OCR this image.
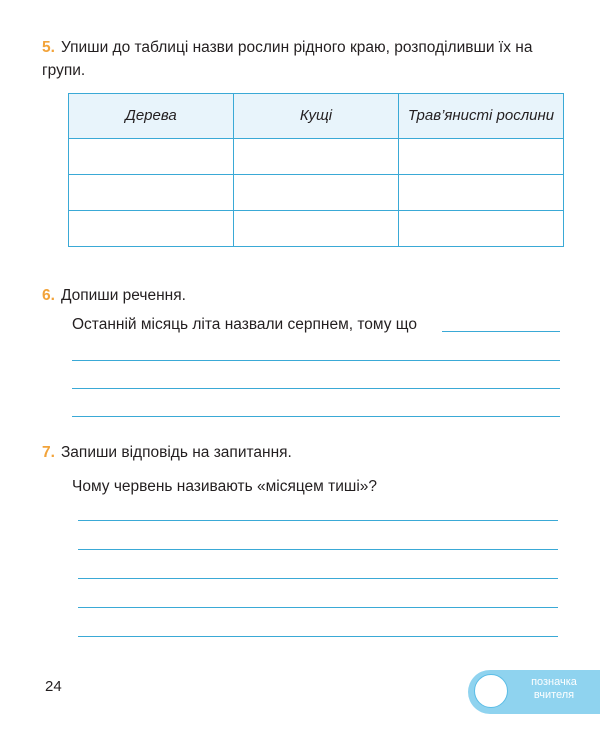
5. Упиши до таблиці назви рослин рідного краю, розподіливши їх на групи.
Дерева	Кущі	Трав’янисті рослини

6. Допиши речення.
Останній місяць літа назвали серпнем, тому що
7. Запиши відповідь на запитання.
Чому червень називають «місяцем тиші»?
24	позначка
вчителя
